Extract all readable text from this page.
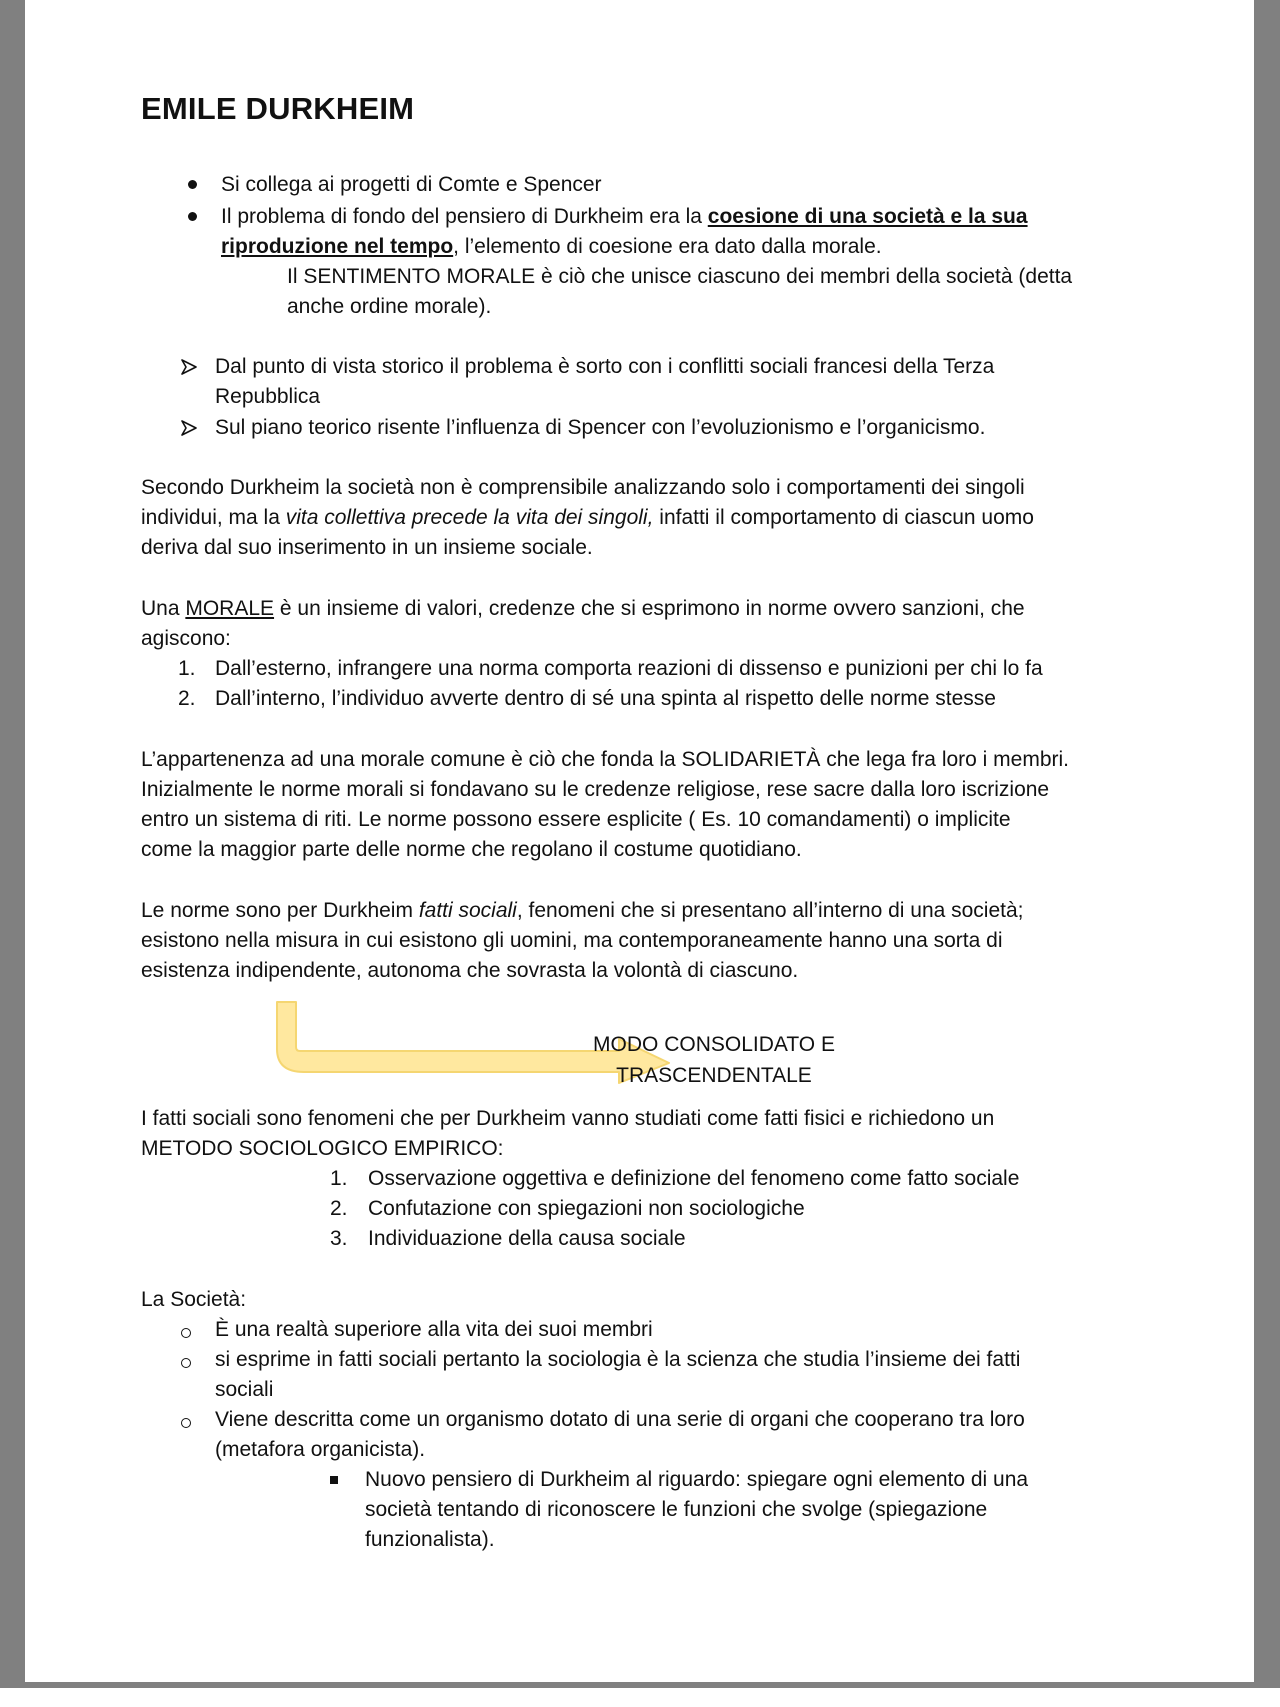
EMILE DURKHEIM
Si collega ai progetti di Comte e Spencer
Il problema di fondo del pensiero di Durkheim era la coesione di una società e la sua
riproduzione nel tempo, l’elemento di coesione era dato dalla morale.
Il SENTIMENTO MORALE è ciò che unisce ciascuno dei membri della società (detta
anche ordine morale).
Dal punto di vista storico il problema è sorto con i conflitti sociali francesi della Terza
Repubblica
Sul piano teorico risente l’influenza di Spencer con l’evoluzionismo e l’organicismo.
Secondo Durkheim la società non è comprensibile analizzando solo i comportamenti dei singoli
individui, ma la vita collettiva precede la vita dei singoli, infatti il comportamento di ciascun uomo
deriva dal suo inserimento in un insieme sociale.
Una MORALE è un insieme di valori, credenze che si esprimono in norme ovvero sanzioni, che
agiscono:
1. Dall’esterno, infrangere una norma comporta reazioni di dissenso e punizioni per chi lo fa
2. Dall’interno, l’individuo avverte dentro di sé una spinta al rispetto delle norme stesse
L’appartenenza ad una morale comune è ciò che fonda la SOLIDARIETÀ che lega fra loro i membri.
Inizialmente le norme morali si fondavano su le credenze religiose, rese sacre dalla loro iscrizione
entro un sistema di riti. Le norme possono essere esplicite ( Es. 10 comandamenti) o implicite
come la maggior parte delle norme che regolano il costume quotidiano.
Le norme sono per Durkheim fatti sociali, fenomeni che si presentano all’interno di una società;
esistono nella misura in cui esistono gli uomini, ma contemporaneamente hanno una sorta di
esistenza indipendente, autonoma che sovrasta la volontà di ciascuno.
MODO CONSOLIDATO E
TRASCENDENTALE
I fatti sociali sono fenomeni che per Durkheim vanno studiati come fatti fisici e richiedono un
METODO SOCIOLOGICO EMPIRICO:
1. Osservazione oggettiva e definizione del fenomeno come fatto sociale
2. Confutazione con spiegazioni non sociologiche
3. Individuazione della causa sociale
La Società:
È una realtà superiore alla vita dei suoi membri
si esprime in fatti sociali pertanto la sociologia è la scienza che studia l’insieme dei fatti
sociali
Viene descritta come un organismo dotato di una serie di organi che cooperano tra loro
(metafora organicista).
Nuovo pensiero di Durkheim al riguardo: spiegare ogni elemento di una
società tentando di riconoscere le funzioni che svolge (spiegazione
funzionalista).
